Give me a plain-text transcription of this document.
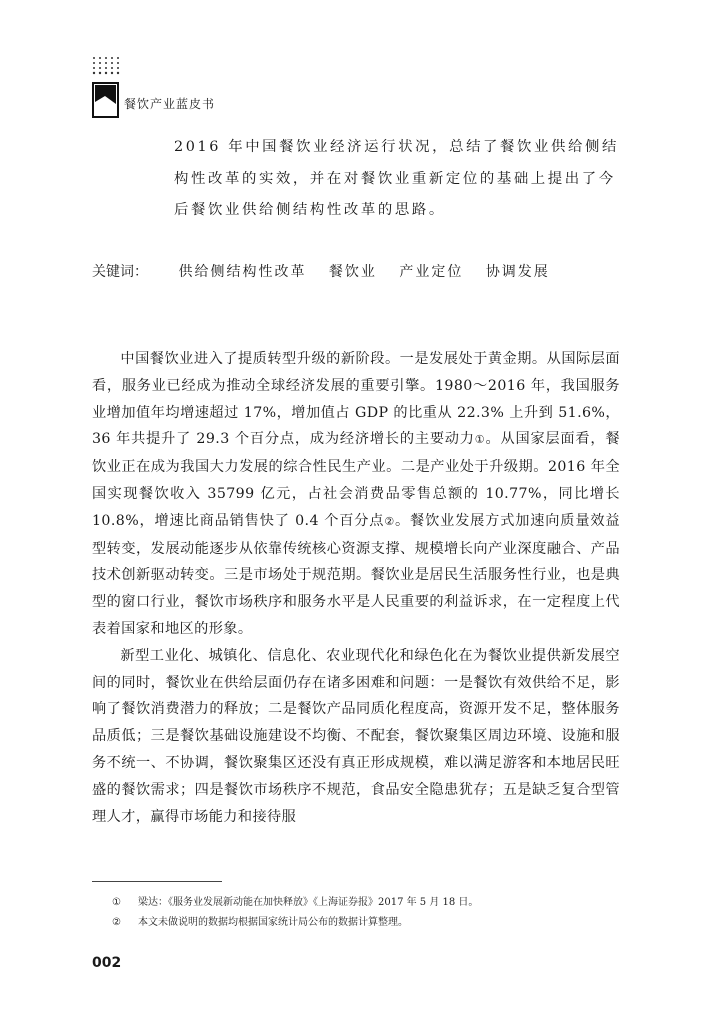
餐饮产业蓝皮书

2016 年中国餐饮业经济运行状况，总结了餐饮业供给侧结构性改革的实效，并在对餐饮业重新定位的基础上提出了今后餐饮业供给侧结构性改革的思路。

关键词： 供给侧结构性改革 餐饮业 产业定位 协调发展

中国餐饮业进入了提质转型升级的新阶段。一是发展处于黄金期。从国际层面看，服务业已经成为推动全球经济发展的重要引擎。1980～2016 年，我国服务业增加值年均增速超过 17%，增加值占 GDP 的比重从 22.3% 上升到 51.6%，36 年共提升了 29.3 个百分点，成为经济增长的主要动力①。从国家层面看，餐饮业正在成为我国大力发展的综合性民生产业。二是产业处于升级期。2016 年全国实现餐饮收入 35799 亿元，占社会消费品零售总额的 10.77%，同比增长 10.8%，增速比商品销售快了 0.4 个百分点②。餐饮业发展方式加速向质量效益型转变，发展动能逐步从依靠传统核心资源支撑、规模增长向产业深度融合、产品技术创新驱动转变。三是市场处于规范期。餐饮业是居民生活服务性行业，也是典型的窗口行业，餐饮市场秩序和服务水平是人民重要的利益诉求，在一定程度上代表着国家和地区的形象。

新型工业化、城镇化、信息化、农业现代化和绿色化在为餐饮业提供新发展空间的同时，餐饮业在供给层面仍存在诸多困难和问题：一是餐饮有效供给不足，影响了餐饮消费潜力的释放；二是餐饮产品同质化程度高，资源开发不足，整体服务品质低；三是餐饮基础设施建设不均衡、不配套，餐饮聚集区周边环境、设施和服务不统一、不协调，餐饮聚集区还没有真正形成规模，难以满足游客和本地居民旺盛的餐饮需求；四是餐饮市场秩序不规范，食品安全隐患犹存；五是缺乏复合型管理人才，赢得市场能力和接待服

①	梁达：《服务业发展新动能在加快释放》《上海证券报》2017 年 5 月 18 日。
②	本文未做说明的数据均根据国家统计局公布的数据计算整理。
002
